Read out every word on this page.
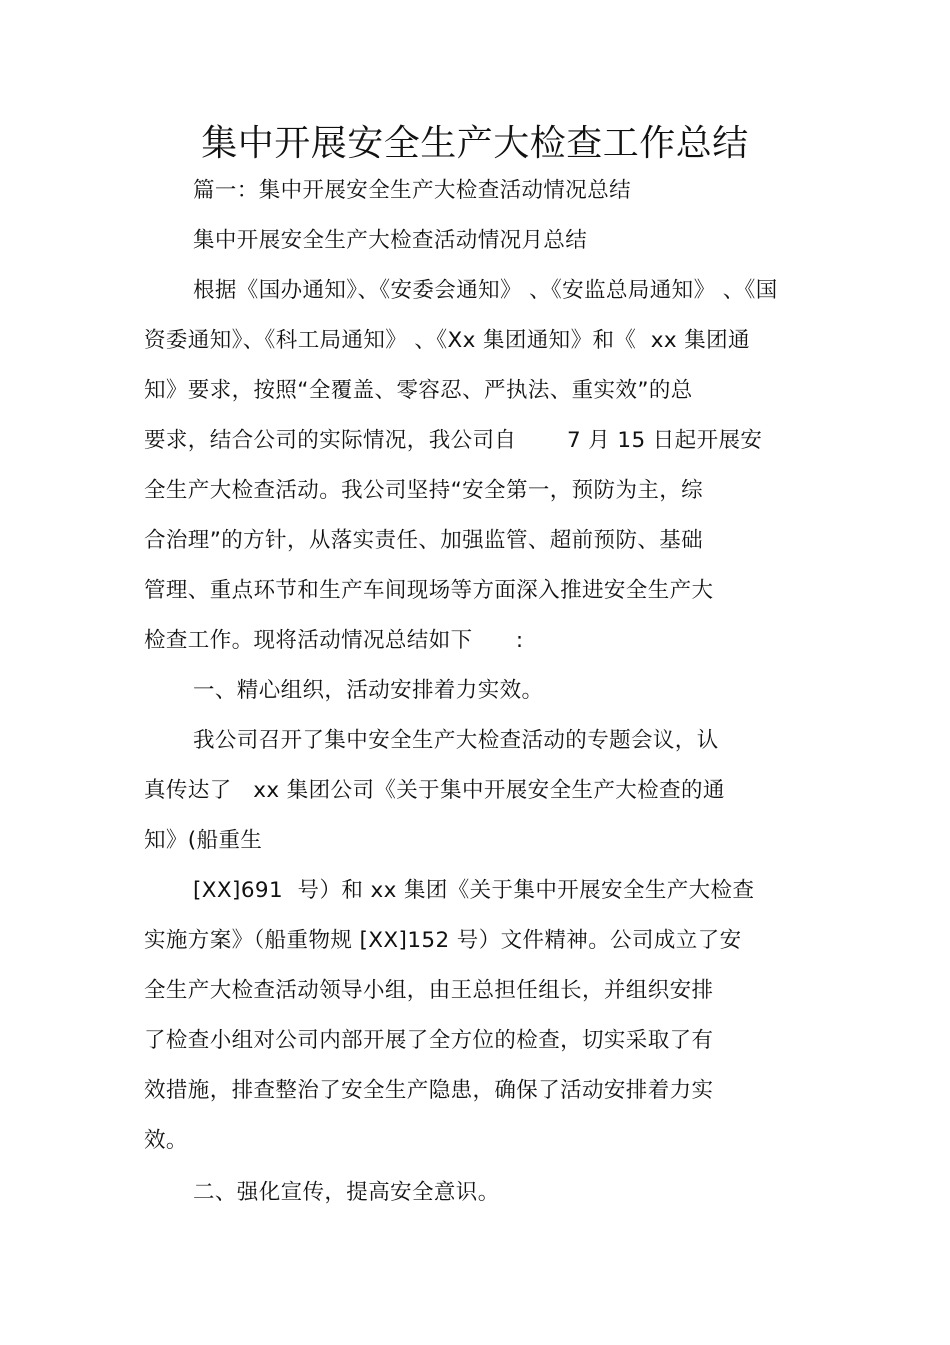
集中开展安全生产大检查工作总结
篇一：集中开展安全生产大检查活动情况总结
集中开展安全生产大检查活动情况月总结
根据《国办通知》、《安委会通知》 、《安监总局通知》 、《国
资委通知》、《科工局通知》 、《Xx 集团通知》和《  xx 集团通
知》要求，按照“全覆盖、零容忍、严执法、重实效”的总
要求，结合公司的实际情况，我公司自       7 月 15 日起开展安
全生产大检查活动。我公司坚持“安全第一，预防为主，综
合治理”的方针，从落实责任、加强监管、超前预防、基础
管理、重点环节和生产车间现场等方面深入推进安全生产大
检查工作。现将活动情况总结如下      :
一、精心组织，活动安排着力实效。
我公司召开了集中安全生产大检查活动的专题会议，认
真传达了   xx 集团公司《关于集中开展安全生产大检查的通
知》(船重生
[XX]691  号）和 xx 集团《关于集中开展安全生产大检查
实施方案》（船重物规 [XX]152 号）文件精神。公司成立了安
全生产大检查活动领导小组，由王总担任组长，并组织安排
了检查小组对公司内部开展了全方位的检查，切实采取了有
效措施，排查整治了安全生产隐患，确保了活动安排着力实
效。
二、强化宣传，提高安全意识。
